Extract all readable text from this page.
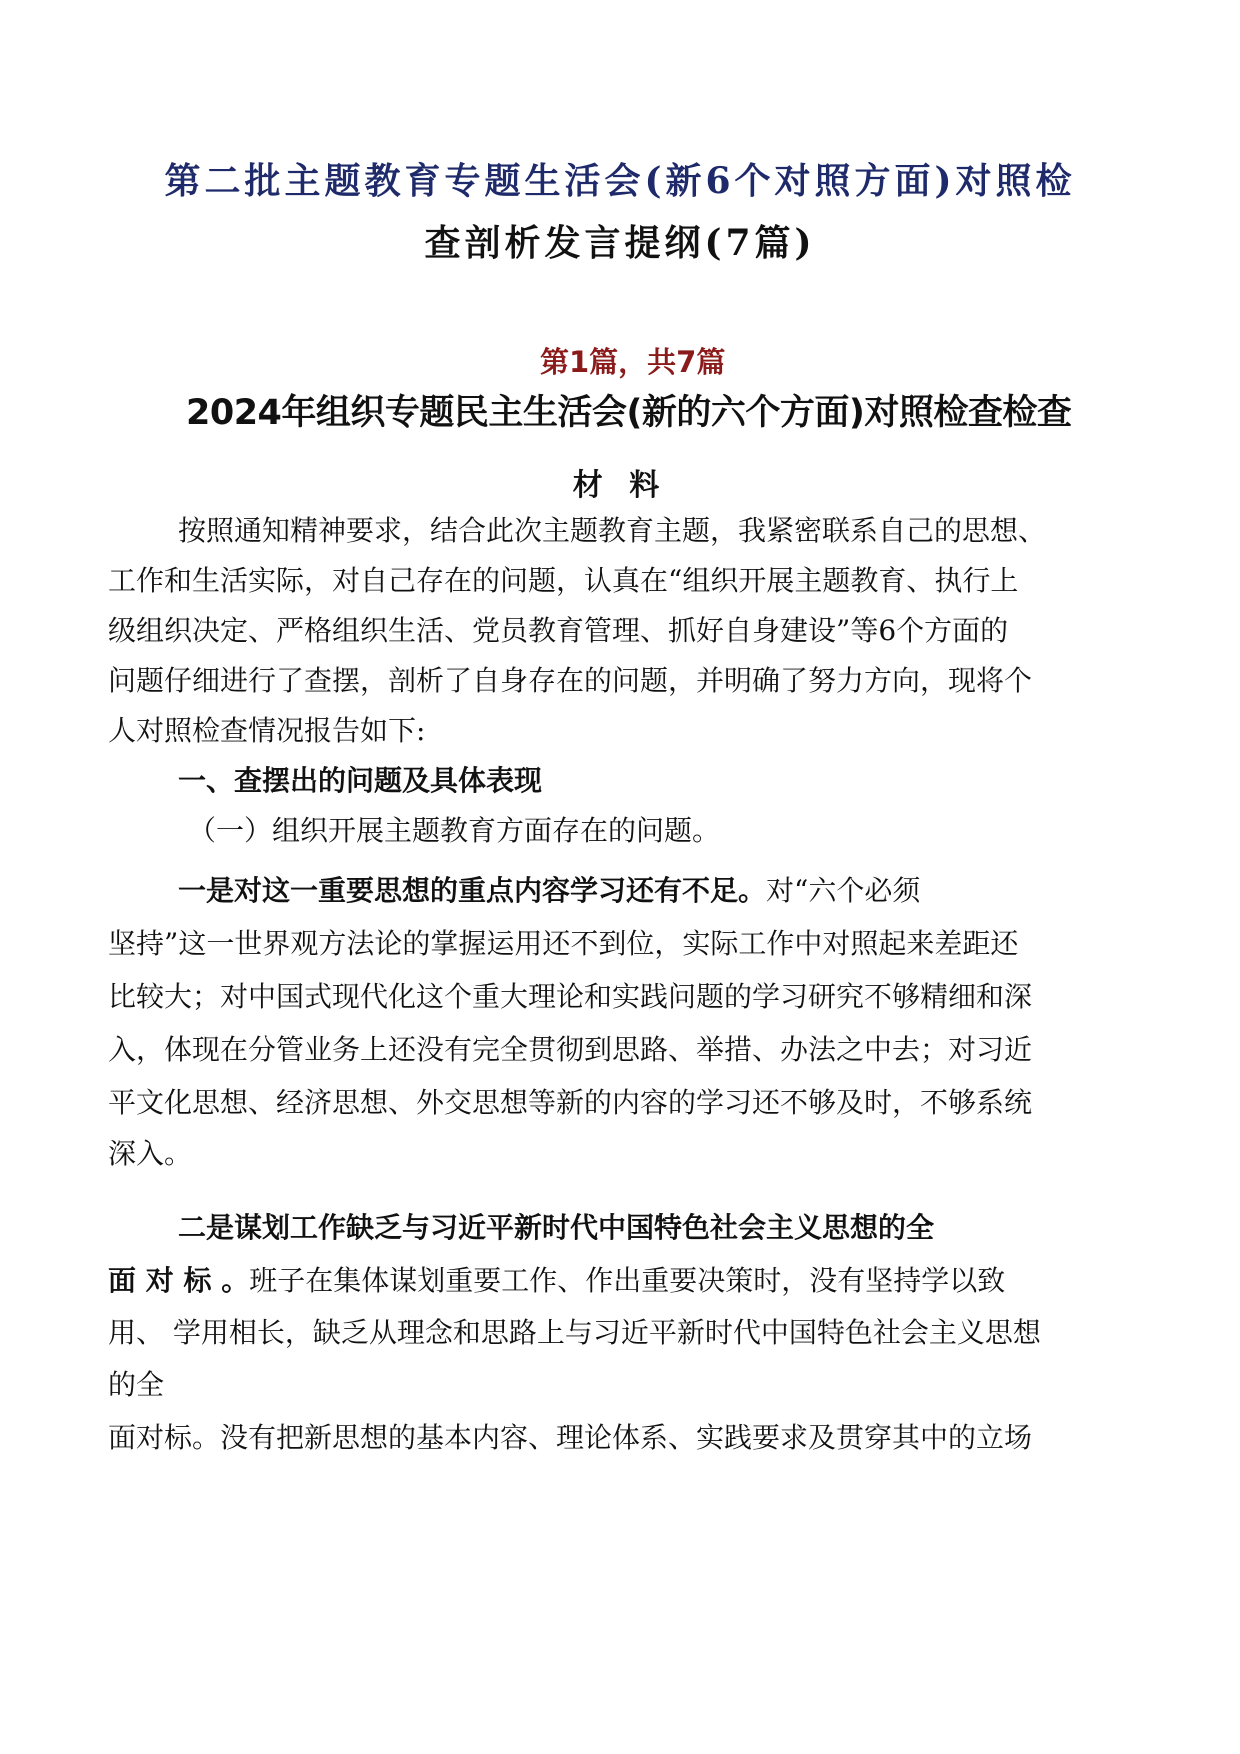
第二批主题教育专题生活会(新6个对照方面)对照检
查剖析发言提纲(7篇)
第1篇，共7篇
2024年组织专题民主生活会(新的六个方面)对照检查检查
材 料
按照通知精神要求，结合此次主题教育主题，我紧密联系自己的思想、
工作和生活实际，对自己存在的问题，认真在“组织开展主题教育、执行上
级组织决定、严格组织生活、党员教育管理、抓好自身建设”等6个方面的
问题仔细进行了查摆，剖析了自身存在的问题，并明确了努力方向，现将个
人对照检查情况报告如下:
一、查摆出的问题及具体表现
（一）组织开展主题教育方面存在的问题。
一是对这一重要思想的重点内容学习还有不足。对“六个必须
坚持”这一世界观方法论的掌握运用还不到位，实际工作中对照起来差距还
比较大；对中国式现代化这个重大理论和实践问题的学习研究不够精细和深
入，体现在分管业务上还没有完全贯彻到思路、举措、办法之中去；对习近
平文化思想、经济思想、外交思想等新的内容的学习还不够及时，不够系统
深入。
二是谋划工作缺乏与习近平新时代中国特色社会主义思想的全
面 对 标 。班子在集体谋划重要工作、作出重要决策时，没有坚持学以致
用、 学用相长，缺乏从理念和思路上与习近平新时代中国特色社会主义思想
的全
面对标。没有把新思想的基本内容、理论体系、实践要求及贯穿其中的立场
